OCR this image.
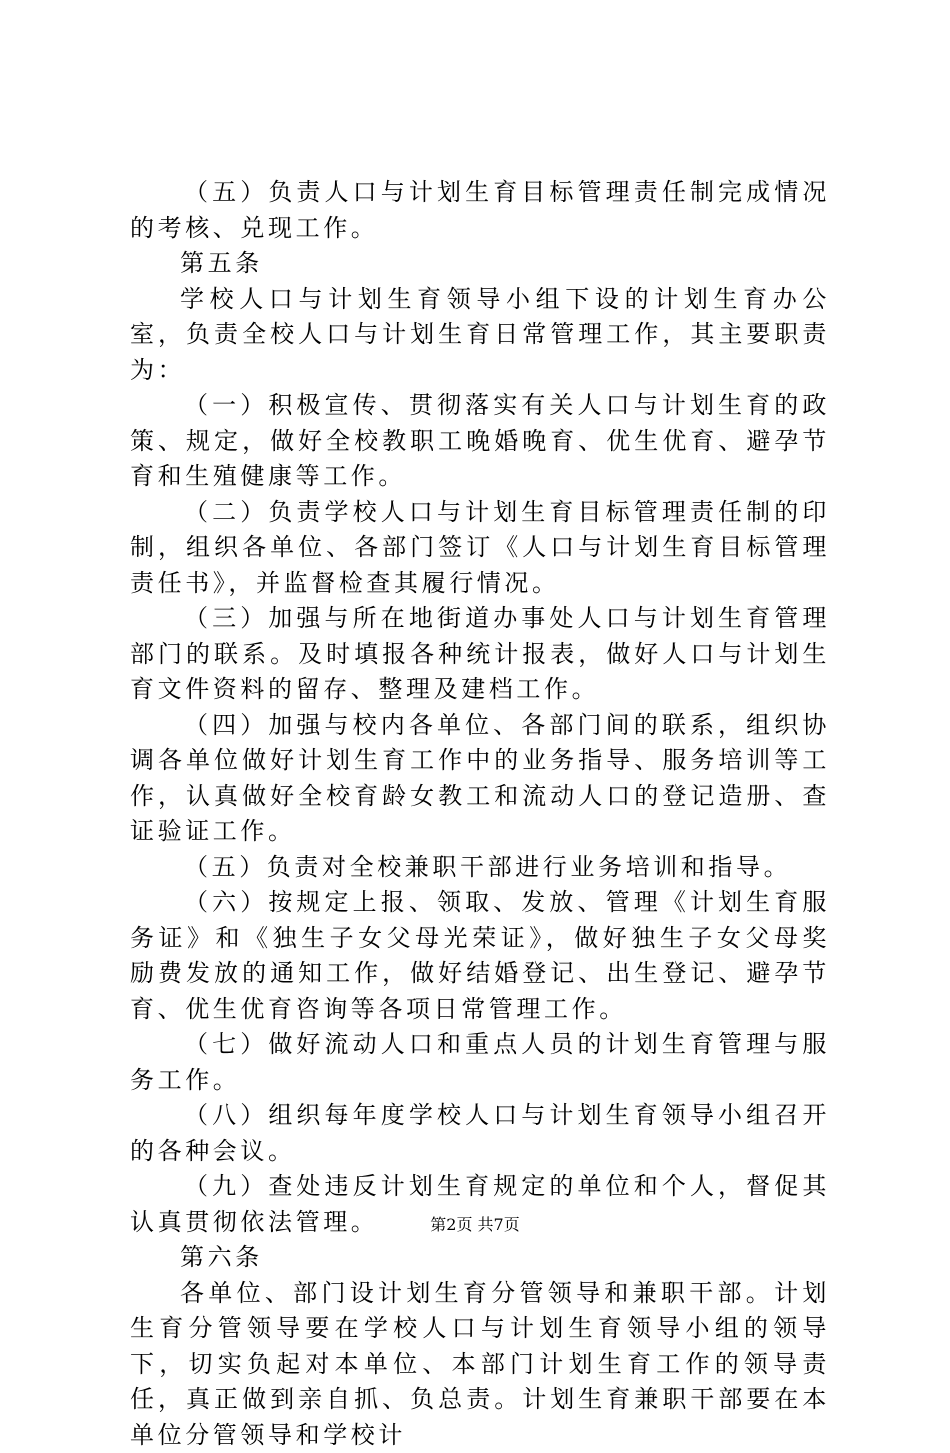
（五）负责人口与计划生育目标管理责任制完成情况的考核、兑现工作。

第五条

学校人口与计划生育领导小组下设的计划生育办公室，负责全校人口与计划生育日常管理工作，其主要职责为：

（一）积极宣传、贯彻落实有关人口与计划生育的政策、规定，做好全校教职工晚婚晚育、优生优育、避孕节育和生殖健康等工作。

（二）负责学校人口与计划生育目标管理责任制的印制，组织各单位、各部门签订《人口与计划生育目标管理责任书》，并监督检查其履行情况。

（三）加强与所在地街道办事处人口与计划生育管理部门的联系。及时填报各种统计报表，做好人口与计划生育文件资料的留存、整理及建档工作。

（四）加强与校内各单位、各部门间的联系，组织协调各单位做好计划生育工作中的业务指导、服务培训等工作，认真做好全校育龄女教工和流动人口的登记造册、查证验证工作。

（五）负责对全校兼职干部进行业务培训和指导。

（六）按规定上报、领取、发放、管理《计划生育服务证》和《独生子女父母光荣证》，做好独生子女父母奖励费发放的通知工作，做好结婚登记、出生登记、避孕节育、优生优育咨询等各项日常管理工作。

（七）做好流动人口和重点人员的计划生育管理与服务工作。

（八）组织每年度学校人口与计划生育领导小组召开的各种会议。

（九）查处违反计划生育规定的单位和个人，督促其认真贯彻依法管理。

第六条

各单位、部门设计划生育分管领导和兼职干部。计划生育分管领导要在学校人口与计划生育领导小组的领导下，切实负起对本单位、本部门计划生育工作的领导责任，真正做到亲自抓、负总责。计划生育兼职干部要在本单位分管领导和学校计

第2页 共7页
